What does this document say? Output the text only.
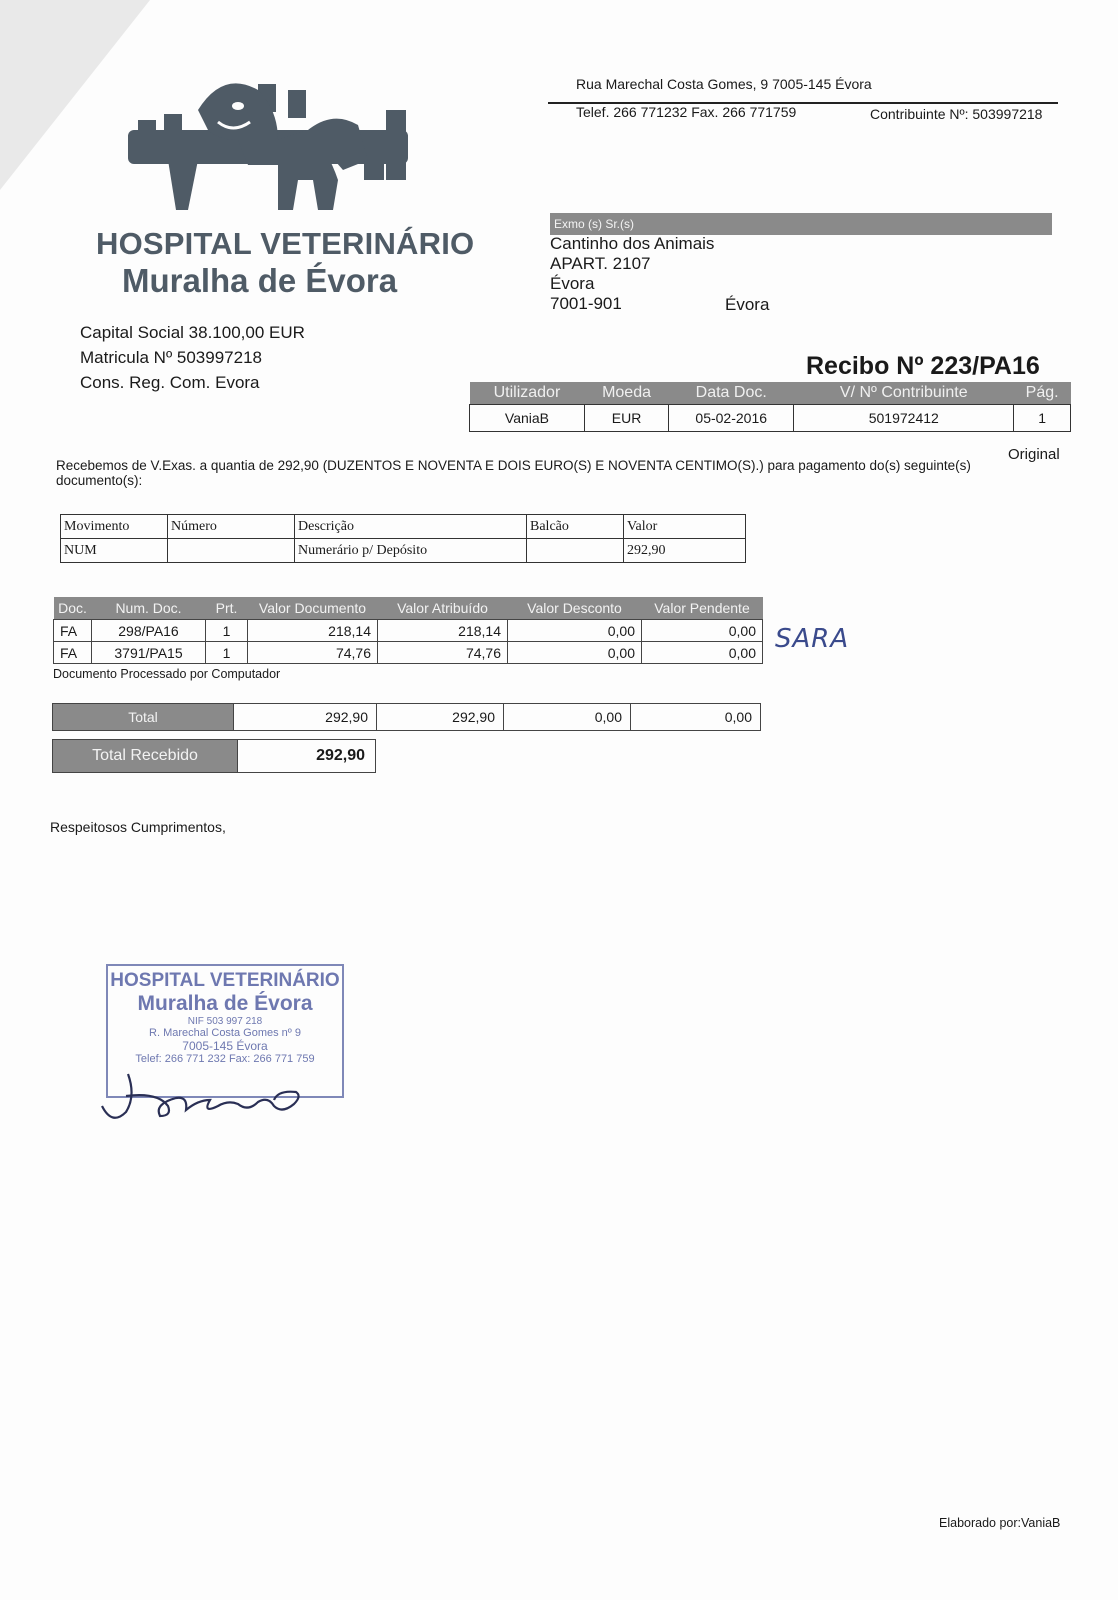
HOSPITAL VETERINÁRIO
Muralha de Évora
Capital Social 38.100,00 EUR
Matricula Nº 503997218
Cons. Reg. Com. Evora
Rua Marechal Costa Gomes, 9 7005-145 Évora
Telef. 266 771232 Fax. 266 771759	Contribuinte Nº: 503997218
Exmo (s) Sr.(s)
Cantinho dos Animais
APART. 2107
Évora
7001-901	Évora
Recibo Nº 223/PA16
Utilizador	Moeda	Data Doc.	V/ Nº Contribuinte	Pág.
VaniaB	EUR	05-02-2016	501972412	1
Original
Recebemos de V.Exas. a quantia de 292,90 (DUZENTOS E NOVENTA E DOIS EURO(S) E NOVENTA CENTIMO(S).) para pagamento do(s) seguinte(s) documento(s):
Movimento	Número	Descrição	Balcão	Valor
NUM		Numerário p/ Depósito		292,90
Doc.	Num. Doc.	Prt.	Valor Documento	Valor Atribuído	Valor Desconto	Valor Pendente
FA	298/PA16	1	218,14	218,14	0,00	0,00
FA	3791/PA15	1	74,76	74,76	0,00	0,00 SARA
Documento Processado por Computador
Total	292,90	292,90	0,00	0,00
Total Recebido	292,90
Respeitosos Cumprimentos,
HOSPITAL VETERINÁRIO
Muralha de Évora
NIF 503 997 218
R. Marechal Costa Gomes nº 9
7005-145 Évora
Telef: 266 771 232 Fax: 266 771 759
Elaborado por:VaniaB
